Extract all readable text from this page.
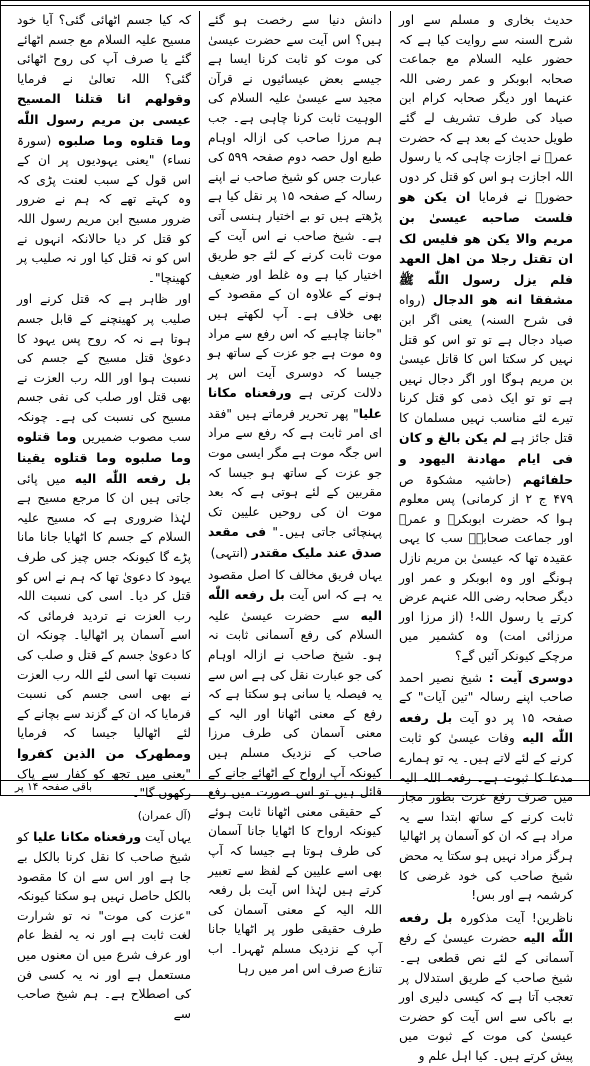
حدیث بخاری و مسلم سے اور شرح السنہ سے روایت کیا ہے کہ حضور علیہ السلام مع جماعت صحابہ ابوبکر و عمر رضی اللہ عنہما اور دیگر صحابہ کرام ابن صیاد کی طرف تشریف لے گئے طویل حدیث کے بعد ہے کہ حضرت عمرؓ نے اجازت چاہی کہ یا رسول اللہ اجازت ہو اس کو قتل کر دوں حضورؐ نے فرمایا ان یکن هو فلست صاحبه عیسیٰ بن مریم والا یکن هو فلیس لک ان تقتل رجلا من اهل العهد فلم یزل رسول اللّٰه ﷺ مشفقا انه هو الدجال (رواه فی شرح السنہ) یعنی اگر ابن صیاد دجال ہے تو تو اس کو قتل نہیں کر سکتا اس کا قاتل عیسیٰ بن مریم ہوگا اور اگر دجال نہیں ہے تو تو ایک ذمی کو قتل کرنا تیرے لئے مناسب نہیں مسلمان کا قتل جائز ہے لم یکن بالغ و کان فی ایام مهادنة الیهود و حلفائهم (حاشیہ مشکوۃ ص ۴۷۹ ج ۲ از کرمانی) پس معلوم ہوا کہ حضرت ابوبکرؓ و عمرؓ اور جماعت صحابہؓ سب کا یہی عقیدہ تھا کہ عیسیٰ بن مریم نازل ہونگے اور وہ ابوبکر و عمر اور دیگر صحابہ رضی اللہ عنہم عرض کرتے یا رسول اللہ! (از مرزا اور مرزائی امت) وہ کشمیر میں مرچکے کیونکر آئیں گے؟

دوسری آیت : شیخ نصیر احمد صاحب اپنے رسالہ "تین آیات" کے صفحہ ۱۵ پر دو آیت بل رفعه اللّٰه الیه وفات عیسیٰ کو ثابت کرنے کے لئے لاتے ہیں۔ یہ تو ہمارے مدعا کا ثبوت ہے۔ رفعہ اللہ الیہ میں صرف رفع عزت بطور مجاز ثابت کرنے کے ساتھ ابتدا سے یہ مراد ہے کہ ان کو آسمان پر اٹھالیا ہرگز مراد نہیں ہو سکتا یہ محض شیخ صاحب کی خود غرضی کا کرشمہ ہے اور بس!

ناظرین! آیت مذکورہ بل رفعه اللّٰه الیه حضرت عیسیٰ کے رفع آسمانی کے لئے نص قطعی ہے۔ شیخ صاحب کے طریق استدلال پر تعجب آتا ہے کہ کیسی دلیری اور بے باکی سے اس آیت کو حضرت عیسیٰ کی موت کے ثبوت میں پیش کرتے ہیں۔ کیا اہل علم و

دانش دنیا سے رخصت ہو گئے ہیں؟ اس آیت سے حضرت عیسیٰ کی موت کو ثابت کرنا ایسا ہے جیسے بعض عیسائیوں نے قرآن مجید سے عیسیٰ علیہ السلام کی الوہیت ثابت کرنا چاہی ہے۔ جب ہم مرزا صاحب کی ازالہ اوہام طبع اول حصہ دوم صفحہ ۵۹۹ کی عبارت جس کو شیخ صاحب نے اپنے رسالہ کے صفحہ ۱۵ پر نقل کیا ہے پڑھتے ہیں تو بے اختیار ہنسی آتی ہے۔ شیخ صاحب نے اس آیت کے موت ثابت کرنے کے لئے جو طریق اختیار کیا ہے وہ غلط اور ضعیف ہونے کے علاوہ ان کے مقصود کے بھی خلاف ہے۔ آپ لکھتے ہیں "جاننا چاہیے کہ اس رفع سے مراد وہ موت ہے جو عزت کے ساتھ ہو جیسا کہ دوسری آیت اس پر دلالت کرتی ہے ورفعناه مکانا علیا" پھر تحریر فرماتے ہیں "فقد ای امر ثابت ہے کہ رفع سے مراد اس جگہ موت ہے مگر ایسی موت جو عزت کے ساتھ ہو جیسا کہ مقربین کے لئے ہوتی ہے کہ بعد موت ان کی روحیں علیین تک پہنچائی جاتی ہیں۔" فی مقعد صدق عند ملیک مقتدر (انتہی)

یہاں فریق مخالف کا اصل مقصود یہ ہے کہ اس آیت بل رفعه اللّٰه الیه سے حضرت عیسیٰ علیہ السلام کی رفع آسمانی ثابت نہ ہو۔ شیخ صاحب نے ازالہ اوہام کی جو عبارت نقل کی ہے اس سے یہ فیصلہ یا سانی ہو سکتا ہے کہ رفع کے معنی اٹھانا اور الیہ کے معنی آسمان کی طرف مرزا صاحب کے نزدیک مسلم ہیں کیونکہ آپ ارواح کے اٹھائے جانے کے قائل ہیں تو اس صورت میں رفع کے حقیقی معنی اٹھانا ثابت ہوئے کیونکہ ارواح کا اٹھایا جانا آسمان کی طرف ہوتا ہے جیسا کہ آپ بھی اسے علیین کے لفظ سے تعبیر کرتے ہیں لہٰذا اس آیت بل رفعہ اللہ الیہ کے معنی آسمان کی طرف حقیقی طور پر اٹھایا جانا آپ کے نزدیک مسلم ٹھہرا۔ اب تنازع صرف اس امر میں رہا

کہ کیا جسم اٹھائی گئی؟ آیا خود مسیح علیہ السلام مع جسم اٹھائے گئے یا صرف آپ کی روح اٹھائی گئی؟ اللہ تعالیٰ نے فرمایا وقولهم انا قتلنا المسیح عیسی بن مریم رسول اللّٰه وما قتلوه وما صلبوه (سورۃ نساء) "یعنی یہودیوں پر ان کے اس قول کے سبب لعنت پڑی کہ وہ کہتے تھے کہ ہم نے ضرور ضرور مسیح ابن مریم رسول اللہ کو قتل کر دیا حالانکہ انہوں نے اس کو نہ قتل کیا اور نہ صلیب پر کھینچا"۔

اور ظاہر ہے کہ قتل کرنے اور صلیب پر کھینچنے کے قابل جسم ہوتا ہے نہ کہ روح پس یہود کا دعویٰ قتل مسیح کے جسم کی نسبت ہوا اور اللہ رب العزت نے بھی قتل اور صلب کی نفی جسم مسیح کی نسبت کی ہے۔ چونکہ سب مصوب ضمیریں وما قتلوه وما صلبوه وما قتلوه یقینا بل رفعه اللّٰه الیه میں پائی جاتی ہیں ان کا مرجع مسیح ہے لہٰذا ضروری ہے کہ مسیح علیہ السلام کے جسم کا اٹھایا جانا مانا پڑے گا کیونکہ جس چیز کی طرف یہود کا دعویٰ تھا کہ ہم نے اس کو قتل کر دیا۔ اسی کی نسبت اللہ رب العزت نے تردید فرمائی کہ اسے آسمان پر اٹھالیا۔ چونکہ ان کا دعویٰ جسم کے قتل و صلب کی نسبت تھا اسی لئے اللہ رب العزت نے بھی اسی جسم کی نسبت فرمایا کہ ان کے گزند سے بچانے کے لئے اٹھالیا جیسا کہ فرمایا ومطهرک من الذین کفروا "یعنی میں تجھ کو کفار سے پاک رکھوں گا"۔

(آل عمران)

یہاں آیت ورفعناه مکانا علیا کو شیخ صاحب کا نقل کرنا بالکل بے جا ہے اور اس سے ان کا مقصود بالکل حاصل نہیں ہو سکتا کیونکہ "عزت کی موت" نہ تو شرارت لغت ثابت ہے اور نہ یہ لفظ عام اور عرف شرع میں ان معنوں میں مستعمل ہے اور نہ یہ کسی فن کی اصطلاح ہے۔ ہم شیخ صاحب سے

باقی صفحہ ۱۴ پر
